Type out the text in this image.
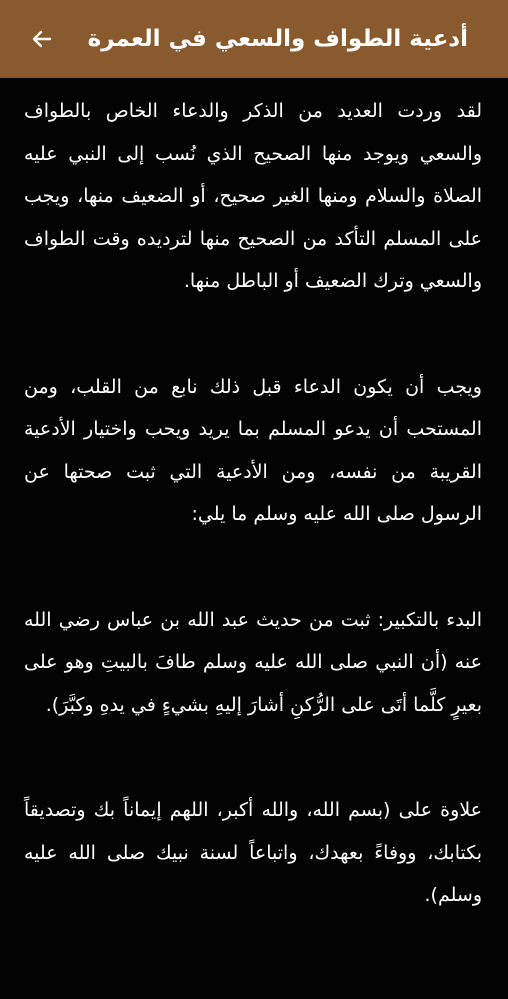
أدعية الطواف والسعي في العمرة

لقد وردت العديد من الذكر والدعاء الخاص بالطواف والسعي ويوجد منها الصحيح الذي نُسب إلى النبي عليه الصلاة والسلام ومنها الغير صحيح، أو الضعيف منها، ويجب على المسلم التأكد من الصحيح منها لترديده وقت الطواف والسعي وترك الضعيف أو الباطل منها.

ويجب أن يكون الدعاء قبل ذلك نابع من القلب، ومن المستحب أن يدعو المسلم بما يريد ويحب واختيار الأدعية القريبة من نفسه، ومن الأدعية التي ثبت صحتها عن الرسول صلى الله عليه وسلم ما يلي:

البدء بالتكبير: ثبت من حديث عبد الله بن عباس رضي الله عنه (أن النبي صلى الله عليه وسلم طافَ بالبيتِ وهو على بعيرٍ كلَّما أتَى على الرُّكنِ أشارَ إليهِ بشيءٍ في يدهِ وكبَّرَ).

علاوة على (بسم الله، والله أكبر، اللهم إيماناً بك وتصديقاً بكتابك، ووفاءً بعهدك، واتباعاً لسنة نبيك صلى الله عليه وسلم).
